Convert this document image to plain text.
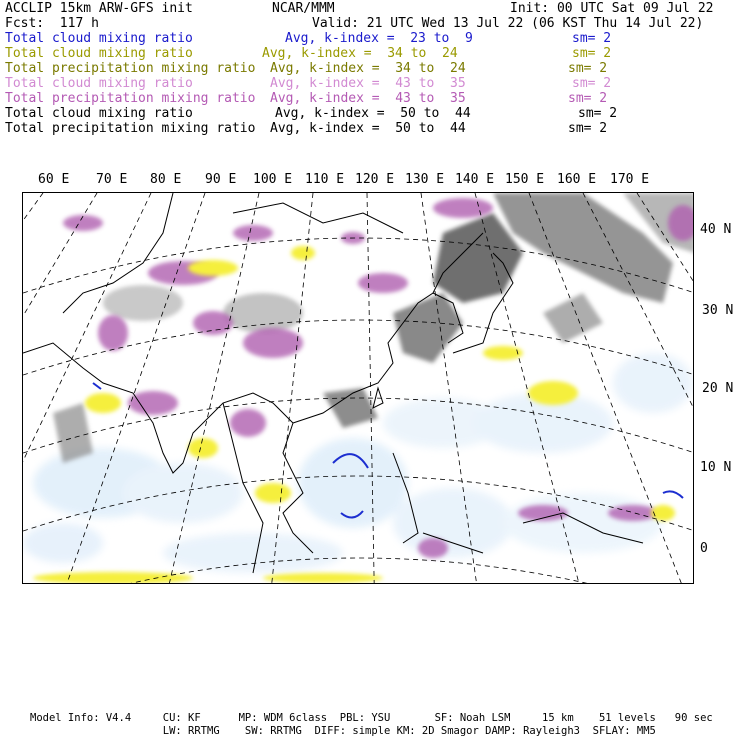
ACCLIP 15km ARW-GFS init	NCAR/MMM	Init: 00 UTC Sat 09 Jul 22
Fcst:  117 h	Valid: 21 UTC Wed 13 Jul 22 (06 KST Thu 14 Jul 22)
Total cloud mixing ratio	Avg, k-index =  23 to  9	sm= 2
Total cloud mixing ratio	Avg, k-index =  34 to  24	sm= 2
Total precipitation mixing ratio Avg, k-index =  34 to  24	sm= 2
Total cloud mixing ratio	Avg, k-index =  43 to  35	sm= 2
Total precipitation mixing ratio Avg, k-index =  43 to  35	sm= 2
Total cloud mixing ratio	Avg, k-index =  50 to  44	sm= 2
Total precipitation mixing ratio Avg, k-index =  50 to  44	sm= 2
60 E 70 E 80 E 90 E 100 E 110 E 120 E 130 E 140 E 150 E 160 E 170 E
40 N
30 N
20 N
10 N
0
Model Info: V4.4     CU: KF      MP: WDM 6class  PBL: YSU       SF: Noah LSM     15 km    51 levels   90 sec
LW: RRTMG    SW: RRTMG  DIFF: simple KM: 2D Smagor DAMP: Rayleigh3  SFLAY: MM5
